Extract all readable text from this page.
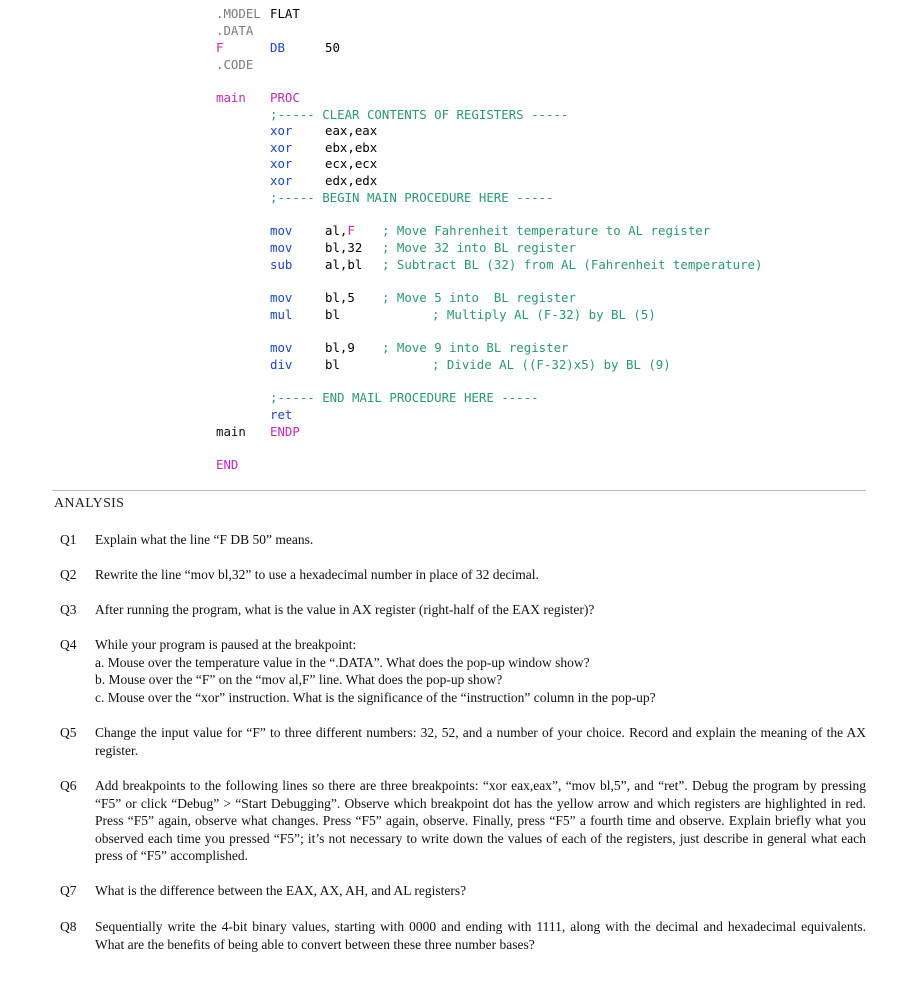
.MODEL FLAT
.DATA
F	DB	50
.CODE
main PROC
;----- CLEAR CONTENTS OF REGISTERS -----
xor	eax,eax
xor	ebx,ebx
xor	ecx,ecx
xor	edx,edx
;----- BEGIN MAIN PROCEDURE HERE -----
mov	al,F ; Move Fahrenheit temperature to AL register
mov	bl,32 ; Move 32 into BL register
sub	al,bl ; Subtract BL (32) from AL (Fahrenheit temperature)
mov	bl,5 ; Move 5 into  BL register
mul	bl	; Multiply AL (F-32) by BL (5)
mov	bl,9 ; Move 9 into BL register
div	bl	; Divide AL ((F-32)x5) by BL (9)
;----- END MAIL PROCEDURE HERE -----
ret
main ENDP
END
ANALYSIS
Q1 Explain what the line “F DB 50” means.
Q2 Rewrite the line “mov bl,32” to use a hexadecimal number in place of 32 decimal.
Q3 After running the program, what is the value in AX register (right-half of the EAX register)?
Q4 While your program is paused at the breakpoint:
a. Mouse over the temperature value in the “.DATA”. What does the pop-up window show?
b. Mouse over the “F” on the “mov al,F” line. What does the pop-up show?
c. Mouse over the “xor” instruction. What is the significance of the “instruction” column in the pop-up?
Q5 Change the input value for “F” to three different numbers: 32, 52, and a number of your choice. Record and explain the meaning of the AX register.
Q6 Add breakpoints to the following lines so there are three breakpoints: “xor eax,eax”, “mov bl,5”, and “ret”. Debug the program by pressing “F5” or click “Debug” > “Start Debugging”. Observe which breakpoint dot has the yellow arrow and which registers are highlighted in red. Press “F5” again, observe what changes. Press “F5” again, observe. Finally, press “F5” a fourth time and observe. Explain briefly what you observed each time you pressed “F5”; it’s not necessary to write down the values of each of the registers, just describe in general what each press of “F5” accomplished.
Q7 What is the difference between the EAX, AX, AH, and AL registers?
Q8 Sequentially write the 4-bit binary values, starting with 0000 and ending with 1111, along with the decimal and hexadecimal equivalents. What are the benefits of being able to convert between these three number bases?
